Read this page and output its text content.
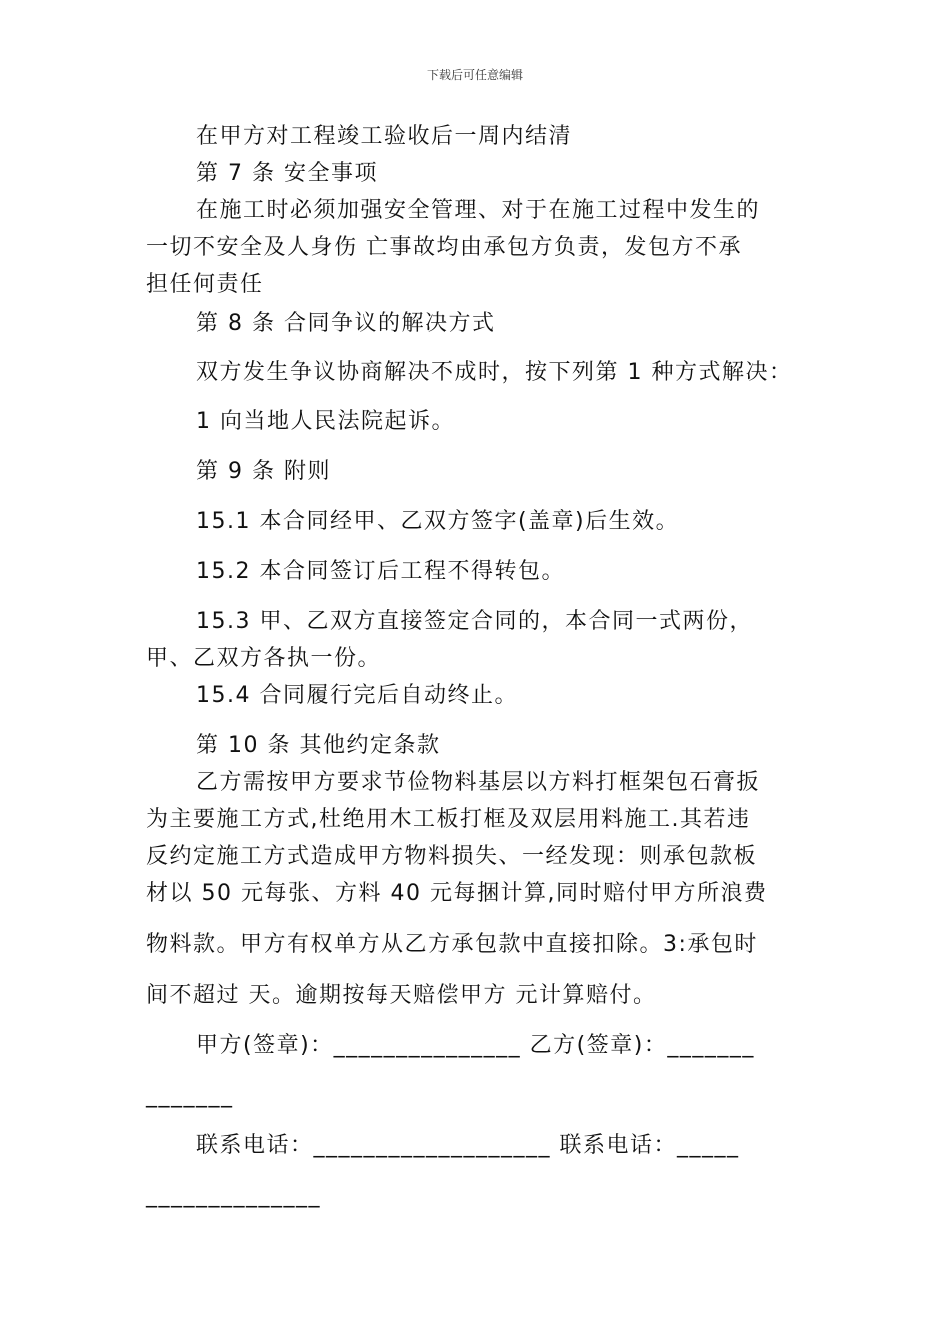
下载后可任意编辑
在甲方对工程竣工验收后一周内结清
第 7 条 安全事项
在施工时必须加强安全管理、对于在施工过程中发生的
一切不安全及人身伤 亡事故均由承包方负责，发包方不承
担任何责任
第 8 条 合同争议的解决方式
双方发生争议协商解决不成时，按下列第 1 种方式解决：
1 向当地人民法院起诉。
第 9 条 附则
15.1 本合同经甲、乙双方签字(盖章)后生效。
15.2 本合同签订后工程不得转包。
15.3 甲、乙双方直接签定合同的，本合同一式两份，
甲、乙双方各执一份。
15.4 合同履行完后自动终止。
第 10 条 其他约定条款
乙方需按甲方要求节俭物料基层以方料打框架包石膏扳
为主要施工方式,杜绝用木工板打框及双层用料施工.其若违
反约定施工方式造成甲方物料损失、一经发现：则承包款板
材以 50 元每张、方料 40 元每捆计算,同时赔付甲方所浪费
物料款。甲方有权单方从乙方承包款中直接扣除。3:承包时
间不超过 天。逾期按每天赔偿甲方 元计算赔付。
甲方(签章)：_______________ 乙方(签章)：_______
_______
联系电话：___________________ 联系电话：_____
______________
